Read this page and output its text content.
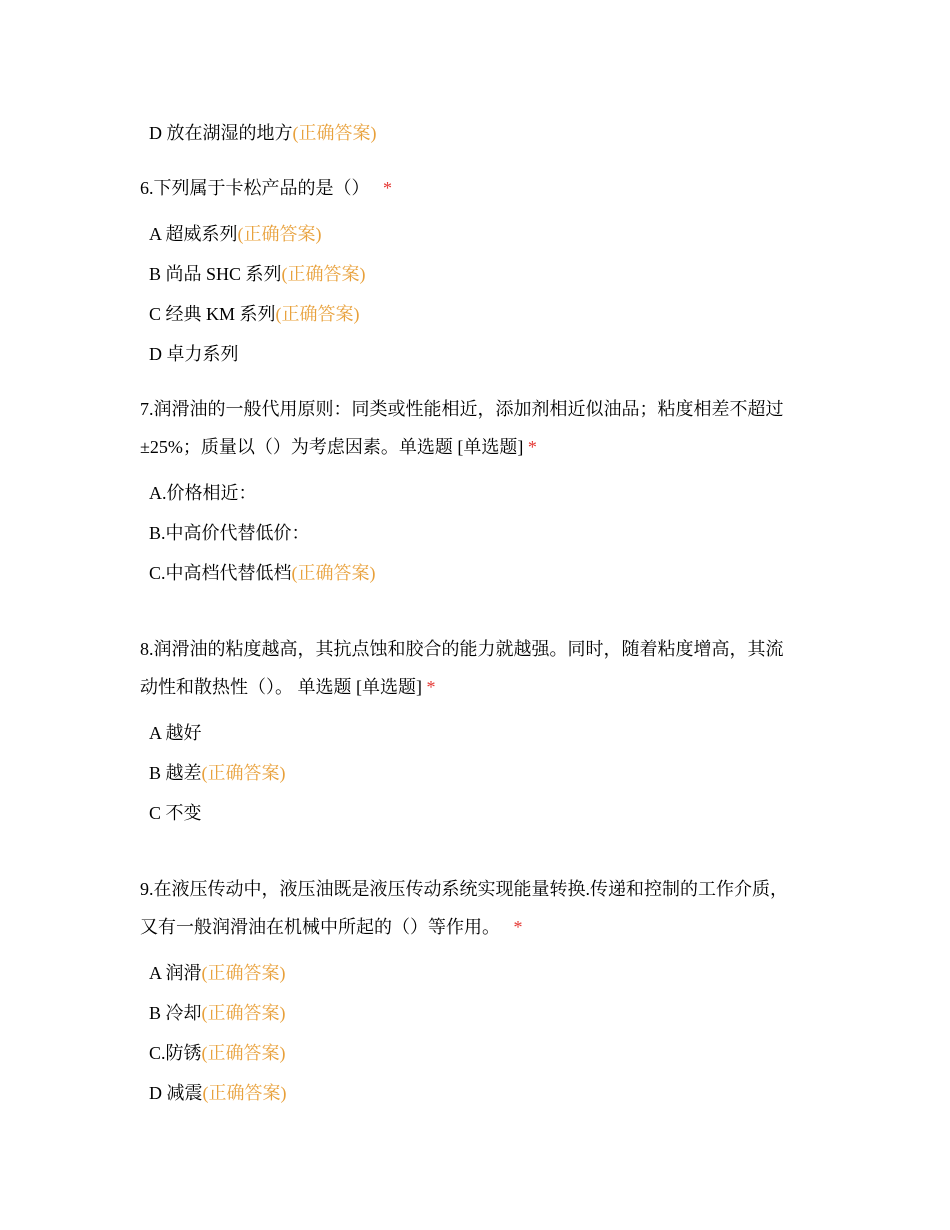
D 放在湖湿的地方(正确答案)
6.下列属于卡松产品的是（） *
A 超威系列(正确答案)
B 尚品 SHC 系列(正确答案)
C 经典 KM 系列(正确答案)
D 卓力系列
7.润滑油的一般代用原则：同类或性能相近，添加剂相近似油品；粘度相差不超过
±25%；质量以（）为考虑因素。单选题 [单选题] *
A.价格相近：
B.中高价代替低价：
C.中高档代替低档(正确答案)
8.润滑油的粘度越高，其抗点蚀和胶合的能力就越强。同时，随着粘度增高，其流
动性和散热性（）。 单选题 [单选题] *
A 越好
B 越差(正确答案)
C 不变
9.在液压传动中，液压油既是液压传动系统实现能量转换.传递和控制的工作介质，
又有一般润滑油在机械中所起的（）等作用。 *
A 润滑(正确答案)
B 冷却(正确答案)
C.防锈(正确答案)
D 减震(正确答案)
